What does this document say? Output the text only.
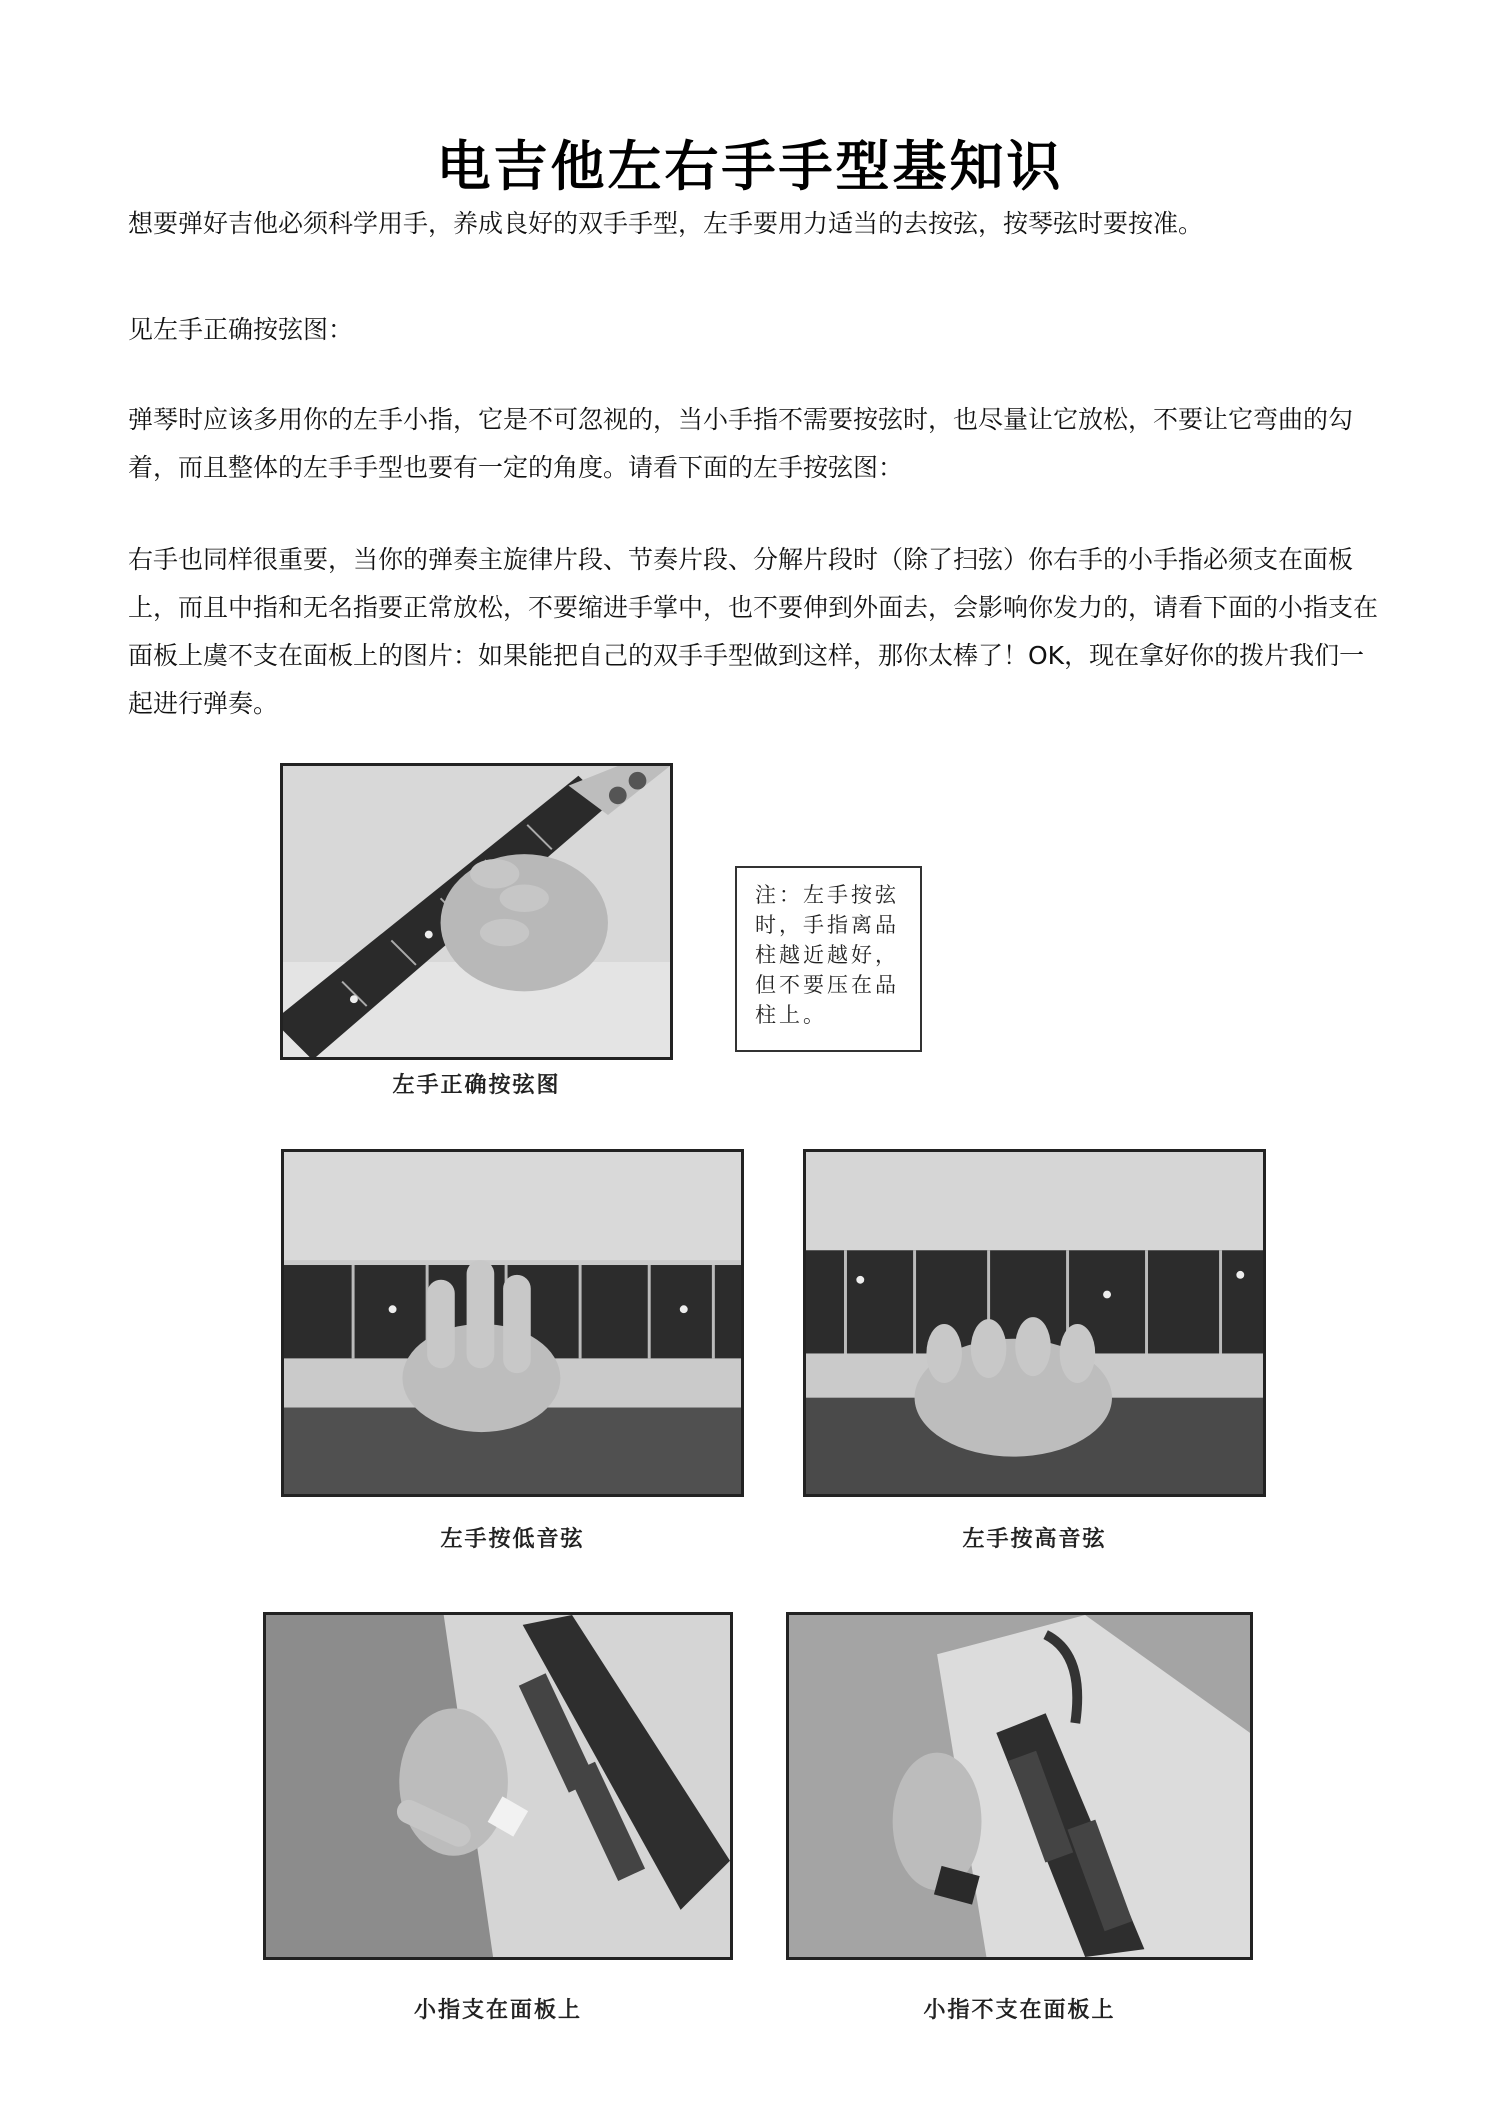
电吉他左右手手型基知识

想要弹好吉他必须科学用手，养成良好的双手手型，左手要用力适当的去按弦，按琴弦时要按准。

见左手正确按弦图：

弹琴时应该多用你的左手小指，它是不可忽视的，当小手指不需要按弦时，也尽量让它放松，不要让它弯曲的勾着，而且整体的左手手型也要有一定的角度。请看下面的左手按弦图：

右手也同样很重要，当你的弹奏主旋律片段、节奏片段、分解片段时（除了扫弦）你右手的小手指必须支在面板上，而且中指和无名指要正常放松，不要缩进手掌中，也不要伸到外面去，会影响你发力的，请看下面的小指支在面板上虞不支在面板上的图片：如果能把自己的双手手型做到这样，那你太棒了！OK，现在拿好你的拨片我们一起进行弹奏。

左手正确按弦图
注：左手按弦
时，手指离品
柱越近越好，
但不要压在品
柱上。
左手按低音弦	左手按高音弦
小指支在面板上	小指不支在面板上
